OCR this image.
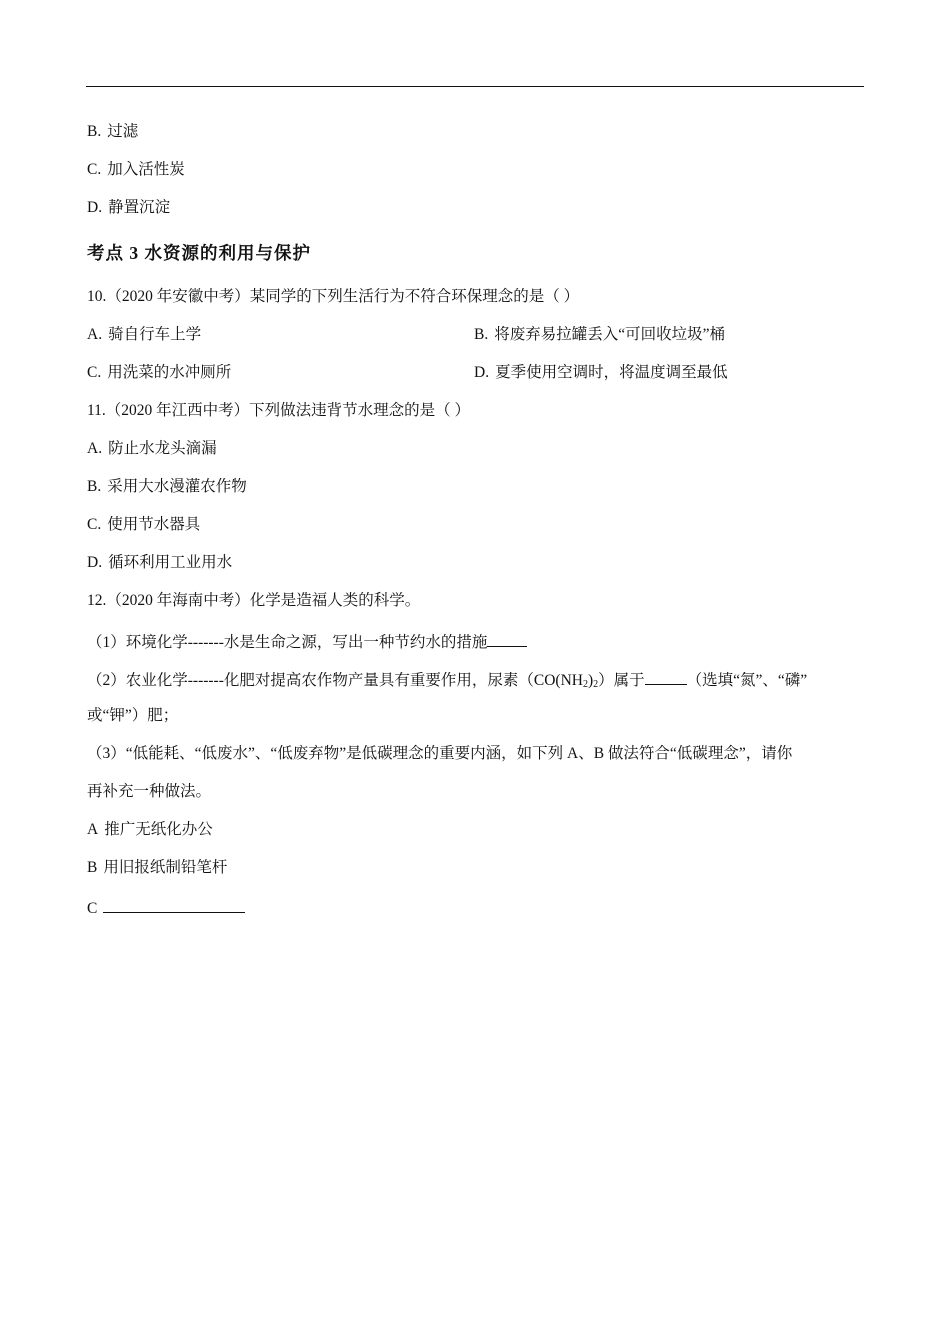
B. 过滤
C. 加入活性炭
D. 静置沉淀
考点 3 水资源的利用与保护
10.（2020 年安徽中考）某同学的下列生活行为不符合环保理念的是（ ）
A. 骑自行车上学	B. 将废弃易拉罐丢入“可回收垃圾”桶
C. 用洗菜的水冲厕所	D. 夏季使用空调时，将温度调至最低
11.（2020 年江西中考）下列做法违背节水理念的是（ ）
A. 防止水龙头滴漏
B. 采用大水漫灌农作物
C. 使用节水器具
D. 循环利用工业用水
12.（2020 年海南中考）化学是造福人类的科学。
（1）环境化学-------水是生命之源，写出一种节约水的措施
（2）农业化学-------化肥对提高农作物产量具有重要作用，尿素$(CO(NH_2)_2)$属于	（选填“氮”、“磷”
或“钾”）肥；
（3）“低能耗、“低废水”、“低废弃物”是低碳理念的重要内涵，如下列 A、B 做法符合“低碳理念”，请你
再补充一种做法。
A 推广无纸化办公
B 用旧报纸制铅笔杆
C
